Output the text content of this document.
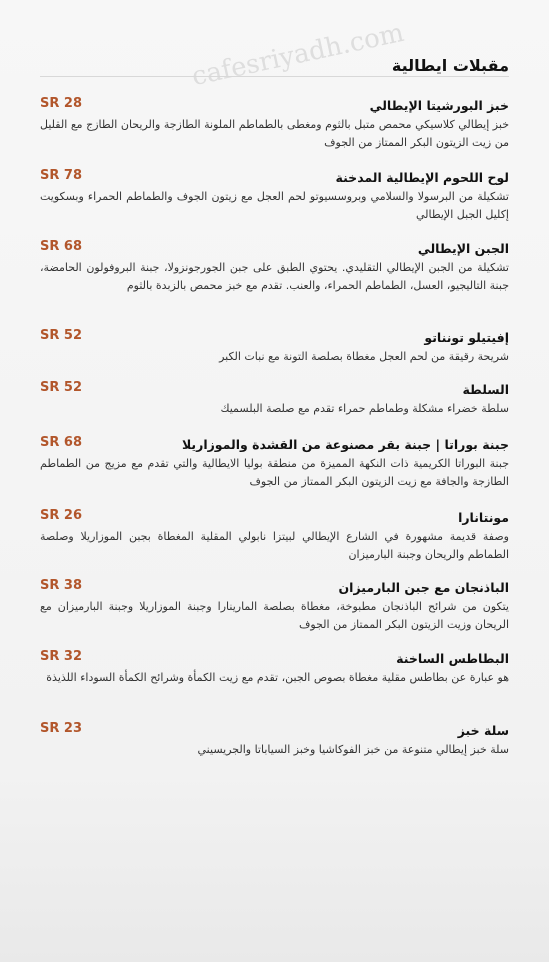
cafesriyadh.com
مقبلات ايطالية
خبز البورشيتا الإيطالي
SR 28
خبز إيطالي كلاسيكي محمص متبل بالثوم ومغطى بالطماطم الملونة الطازجة والريحان الطازج مع القليل من زيت الزيتون البكر الممتاز من الجوف
لوح اللحوم الإيطالية المدخنة
SR 78
تشكيلة من البرسولا والسلامي وبروسسيوتو لحم العجل مع زيتون الجوف والطماطم الحمراء وبسكويت إكليل الجبل الإيطالي
الجبن الإيطالي
SR 68
تشكيلة من الجبن الإيطالي التقليدي. يحتوي الطبق على جبن الجورجونزولا، جبنة البروفولون الحامضة، جبنة التاليجيو، العسل، الطماطم الحمراء، والعنب. تقدم مع خبز محمص بالزبدة بالثوم
إفيتيلو تونناتو
SR 52
شريحة رقيقة من لحم العجل مغطاة بصلصة التونة مع نبات الكبر
السلطة
SR 52
سلطة خضراء مشكلة وطماطم حمراء تقدم مع صلصة البلسميك
جبنة بوراتا | جبنة بقر مصنوعة من القشدة والموزاريلا
SR 68
جبنة البوراتا الكريمية ذات النكهة المميزة من منطقة بوليا الايطالية والتي تقدم مع مزيج من الطماطم الطازجة والجافة مع زيت الزيتون البكر الممتاز من الجوف
مونتانارا
SR 26
وصفة قديمة مشهورة في الشارع الإيطالي لبيتزا نابولي المقلية المغطاة بجبن الموزاريلا وصلصة الطماطم والريحان وجبنة البارميزان
الباذنجان مع جبن البارميزان
SR 38
يتكون من شرائح الباذنجان مطبوخة، مغطاة بصلصة المارينارا وجبنة الموزاريلا وجبنة البارميزان مع الريحان وزيت الزيتون البكر الممتاز من الجوف
البطاطس الساخنة
SR 32
هو عبارة عن بطاطس مقلية مغطاة بصوص الجبن، تقدم مع زيت الكمأة وشرائح الكمأة السوداء اللذيذة
سلة خبز
SR 23
سلة خبز إيطالي متنوعة من خبز الفوكاشيا وخبز السياباتا والجريسيني
